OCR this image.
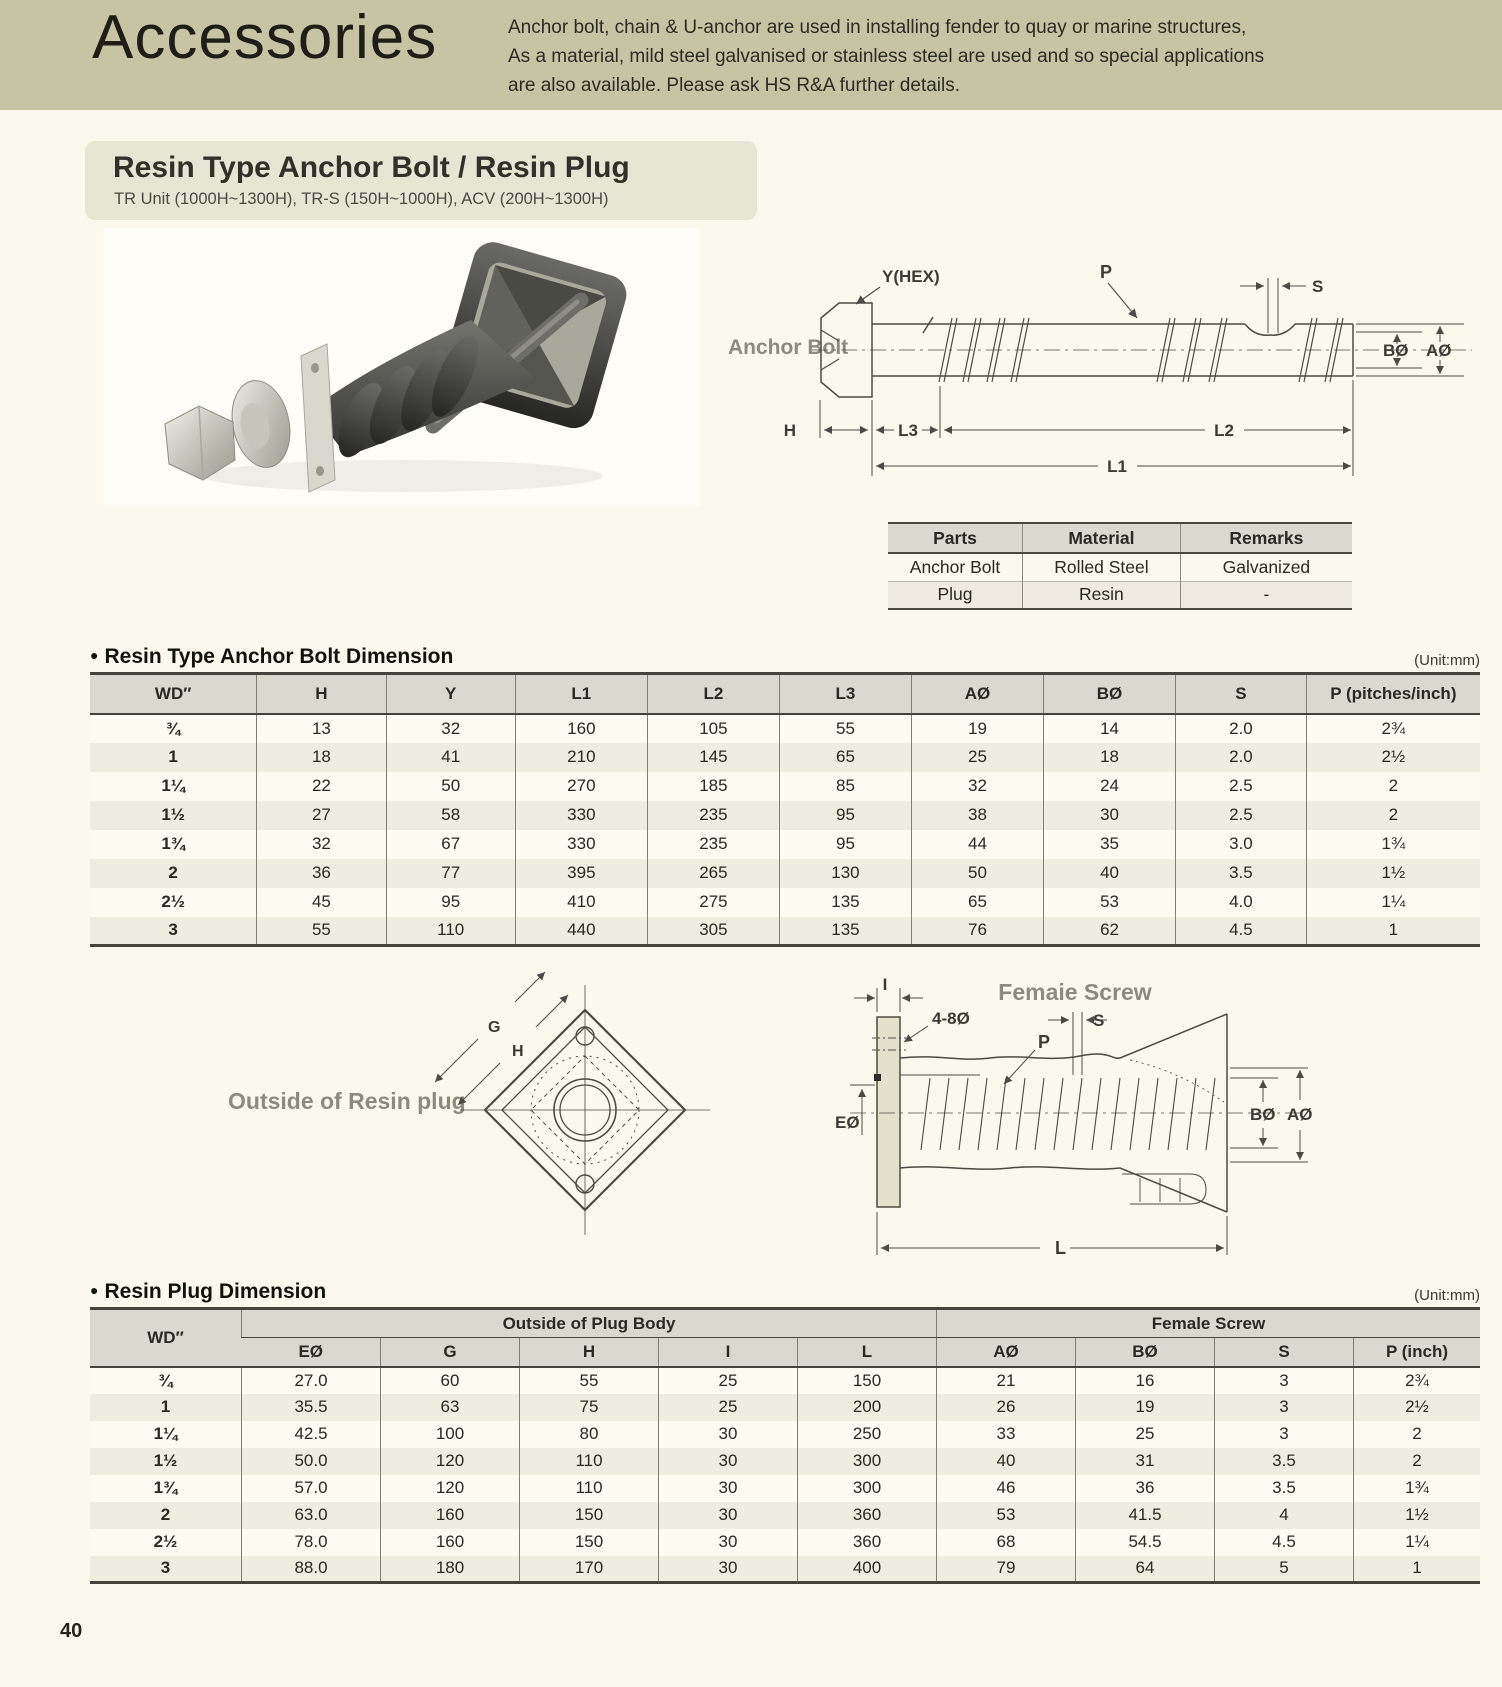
Accessories	Anchor bolt, chain & U-anchor are used in installing fender to quay or marine structures,
As a material, mild steel galvanised or stainless steel are used and so special applications
are also available. Please ask HS R&A further details.
Resin Type Anchor Bolt / Resin Plug
TR Unit (1000H~1300H), TR-S (150H~1000H), ACV (200H~1300H)
Anchor Bolt
Y(HEX)	P
S
BØ AØ
H	L3	L2
L1
Parts	Material	Remarks
Anchor Bolt	Rolled Steel	Galvanized
Plug	Resin	-
● Resin Type Anchor Bolt Dimension	(Unit:mm)
WD″	H	Y	L1	L2	L3	AØ	BØ	S	P (pitches/inch)
¾	13	32	160	105	55	19	14	2.0	2¾
1	18	41	210	145	65	25	18	2.0	2½
1¼	22	50	270	185	85	32	24	2.5	2
1½	27	58	330	235	95	38	30	2.5	2
1¾	32	67	330	235	95	44	35	3.0	1¾
2	36	77	395	265	130	50	40	3.5	1½
2½	45	95	410	275	135	65	53	4.0	1¼
3	55	110	440	305	135	76	62	4.5	1
Outside of Resin plug
G
H
Femaie Screw
I
4-8Ø
P
S
EØ	BØ AØ
L
● Resin Plug Dimension	(Unit:mm)
WD″	Outside of Plug Body					Female Screw			
	EØ	G	H	I	L	AØ	BØ	S	P (inch)
¾	27.0	60	55	25	150	21	16	3	2¾
1	35.5	63	75	25	200	26	19	3	2½
1¼	42.5	100	80	30	250	33	25	3	2
1½	50.0	120	110	30	300	40	31	3.5	2
1¾	57.0	120	110	30	300	46	36	3.5	1¾
2	63.0	160	150	30	360	53	41.5	4	1½
2½	78.0	160	150	30	360	68	54.5	4.5	1¼
3	88.0	180	170	30	400	79	64	5	1
40
